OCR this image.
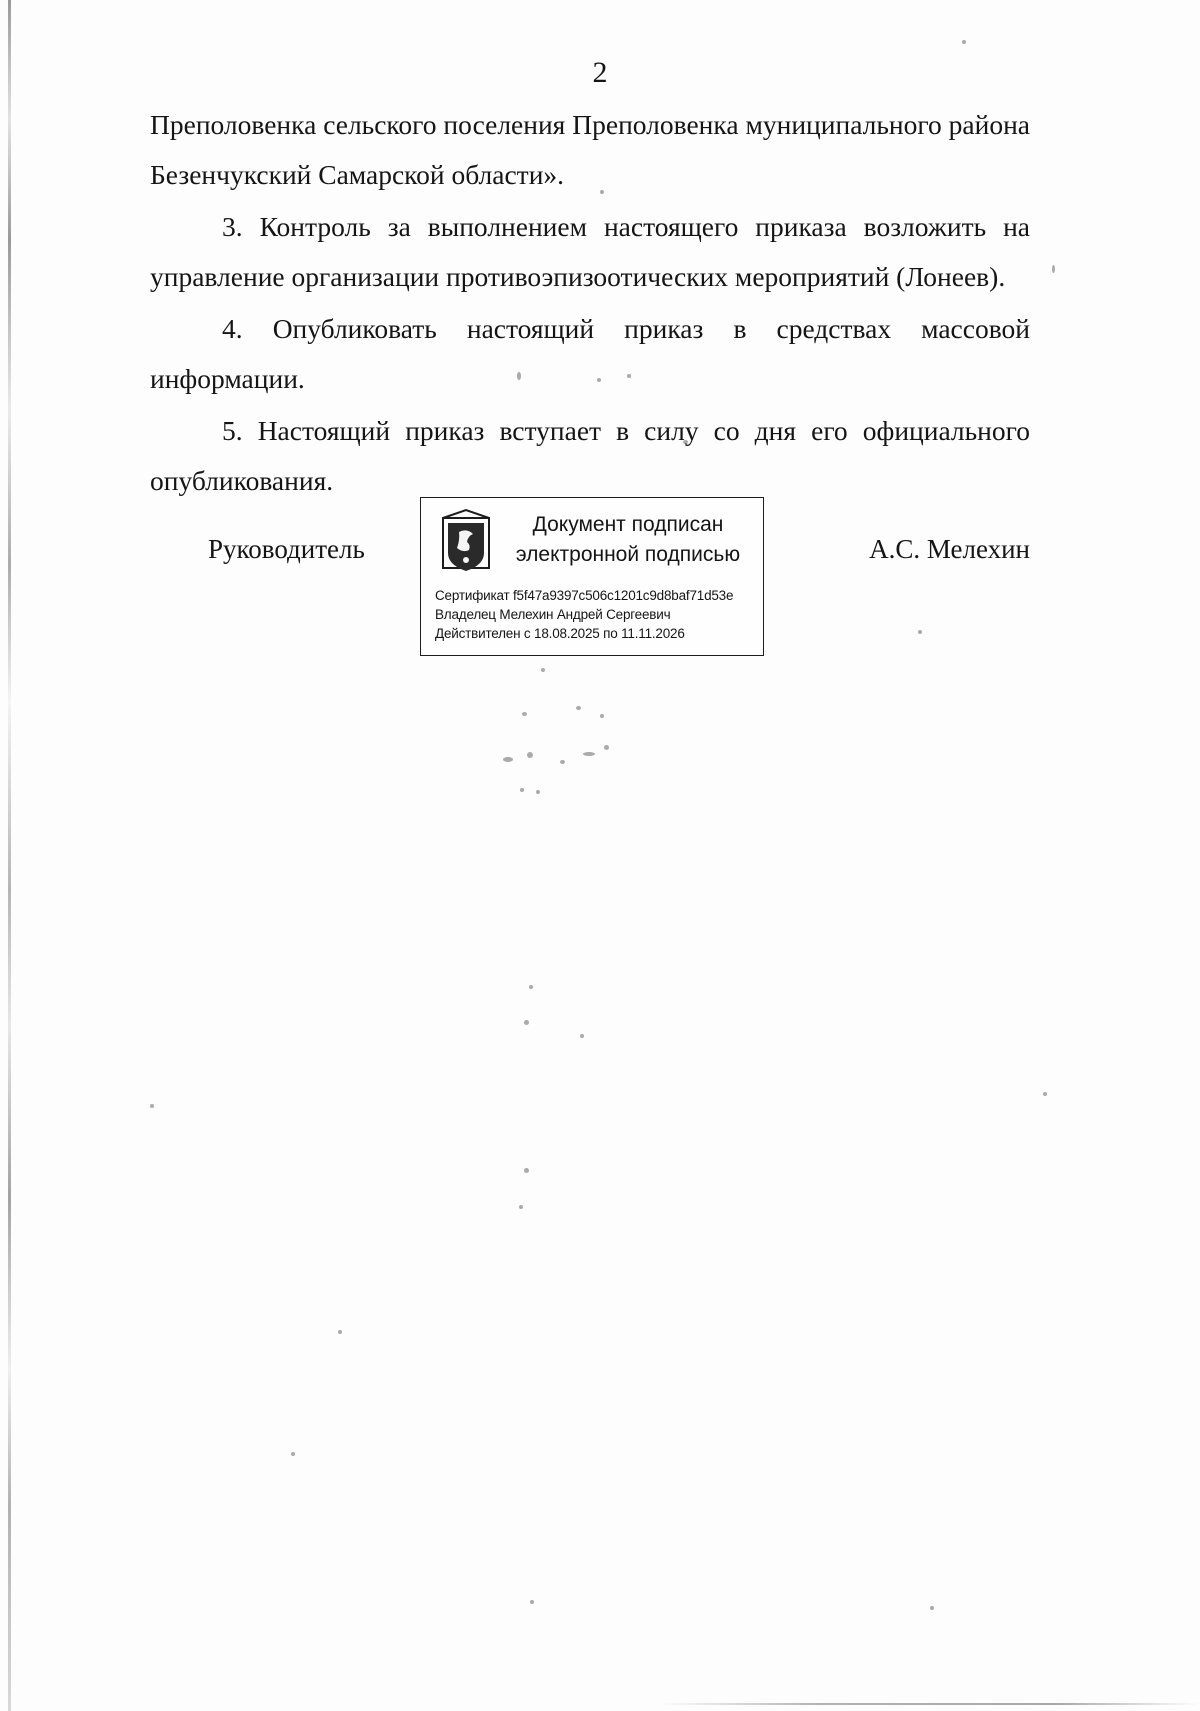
2

Преполовенка сельского поселения Преполовенка муниципального района Безенчукский Самарской области».

3. Контроль за выполнением настоящего приказа возложить на управление организации противоэпизоотических мероприятий (Лонеев).

4. Опубликовать настоящий приказ в средствах массовой информации.

5. Настоящий приказ вступает в силу со дня его официального опубликования.

Руководитель	А.С. Мелехин
Документ подписан
электронной подписью
Сертификат f5f47a9397c506c1201c9d8baf71d53e
Владелец Мелехин Андрей Сергеевич
Действителен с 18.08.2025 по 11.11.2026
